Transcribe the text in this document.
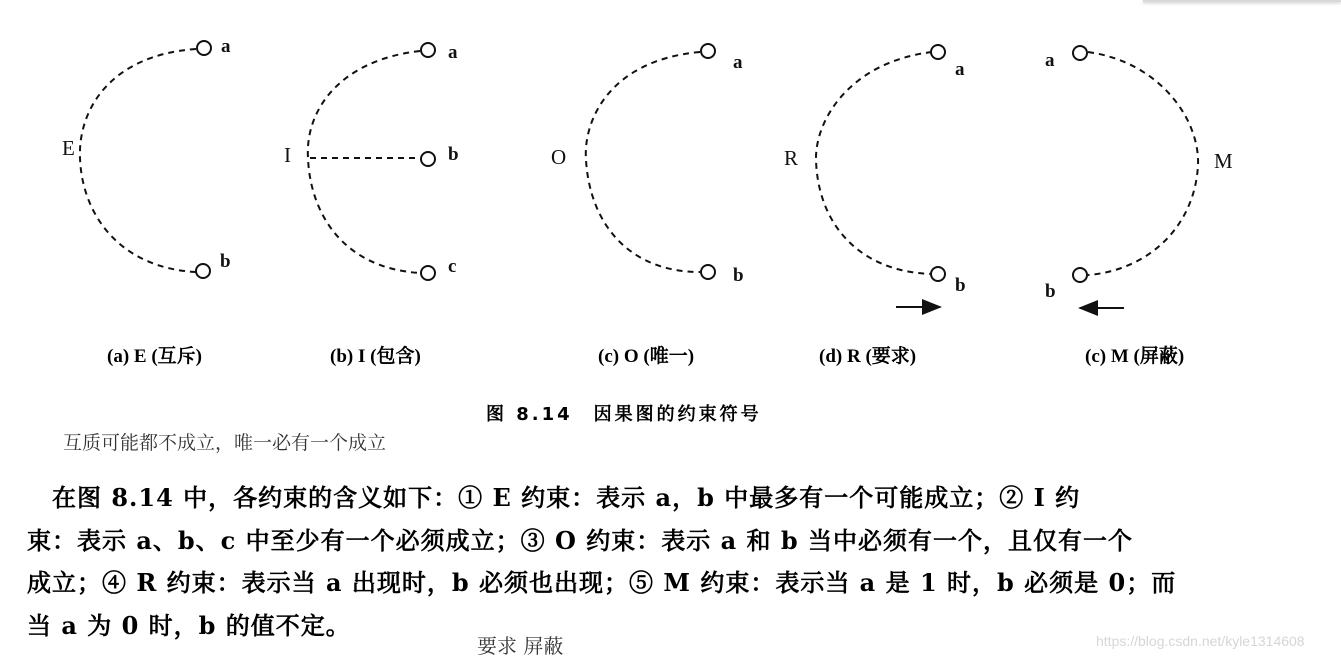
a
b
a
b
c
a
b
a
b
a
b
E	I	O	R	M
(a) E (互斥)	(b) I (包含)	(c) O (唯一)	(d) R (要求)	(c) M (屏蔽)
图 8.14　因果图的约束符号
互质可能都不成立，唯一必有一个成立
　在图 8.14 中，各约束的含义如下：① E 约束：表示 a，b 中最多有一个可能成立；② I 约
束：表示 a、b、c 中至少有一个必须成立；③ O 约束：表示 a 和 b 当中必须有一个，且仅有一个
成立；④ R 约束：表示当 a 出现时，b 必须也出现；⑤ M 约束：表示当 a 是 1 时，b 必须是 0；而
当 a 为 0 时，b 的值不定。
要求 屏蔽	https://blog.csdn.net/kyle1314608
